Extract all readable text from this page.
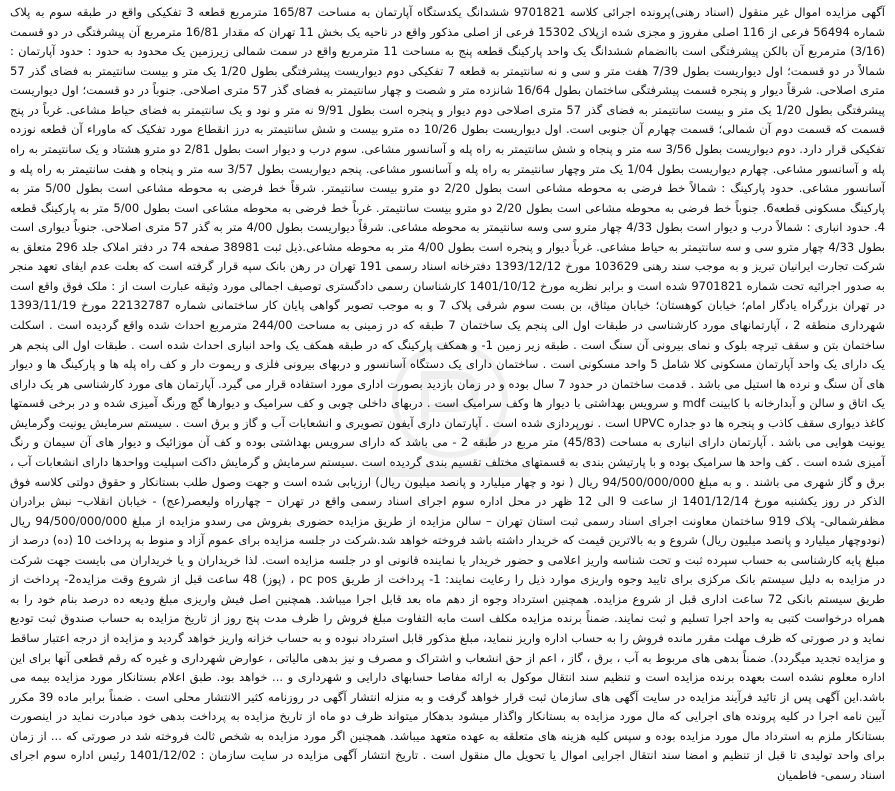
آگهی مزایده اموال غیر منقول (اسناد رهنی)پرونده اجرائی کلاسه 9701821 ششدانگ یکدستگاه آپارتمان به مساحت 165/87 مترمربع قطعه 3 تفکیکی واقع در طبقه سوم به پلاک شماره 56494 فرعی از 116 اصلی مفروز و مجزی شده ازپلاک 15302 فرعی از اصلی مذکور واقع در ناحیه یک بخش 11 تهران که مقدار 16/81 مترمربع آن پیشرفتگی در دو قسمت (3/16) مترمربع آن بالکن پیشرفتگی است باانضمام ششدانگ یک واحد پارکینگ قطعه پنج به مساحت 11 مترمربع واقع در سمت شمالی زیرزمین یک محدود به حدود : حدود آپارتمان : شمالاً در دو قسمت؛ اول دیواریست بطول 7/39 هفت متر و سی و نه سانتیمتر به قطعه 7 تفکیکی دوم دیواریست پیشرفتگی بطول 1/20 یک متر و بیست سانتیمتر به فضای گذر 57 متری اصلاحی. شرقاً دیوار و پنجره قسمت پیشرفتگی ساختمان بطول 16/64 شانزده متر و شصت و چهار سانتیمتر به فضای گذر 57 متری اصلاحی. جنوباً در دو قسمت؛ اول دیواریست پیشرفتگی بطول 1/20 یک متر و بیست سانتیمتر به فضای گذر 57 متری اصلاحی دوم دیوار و پنجره است بطول 9/91 نه متر و نود و یک سانتیمتر به فضای حیاط مشاعی. غرباً در پنج قسمت که قسمت دوم آن شمالی؛ قسمت چهارم آن جنوبی است. اول دیواریست بطول 10/26 ده مترو بیست و شش سانتیمتر به درز انقطاع مورد تفکیک که ماوراء آن قطعه نوزده تفکیکی قرار دارد. دوم دیواریست بطول 3/56 سه متر و پنجاه و شش سانتیمتر به راه پله و آسانسور مشاعی. سوم درب و دیوار است بطول 2/81 دو مترو هشتاد و یک سانتیمتر به راه پله و آسانسور مشاعی. چهارم دیواریست بطول 1/04 یک متر وچهار سانتیمتر به راه پله و آسانسور مشاعی. پنجم دیواریست بطول 3/57 سه متر و پنجاه و هفت سانتیمتر به راه پله و آسانسور مشاعی. حدود پارکینگ : شمالاً خط فرضی به محوطه مشاعی است بطول 2/20 دو مترو بیست سانتیمتر. شرقاً خط فرضی به محوطه مشاعی است بطول 5/00 متر به پارکینگ مسکونی قطعه6. جنوباً خط فرضی به محوطه مشاعی است بطول 2/20 دو مترو بیست سانتیمتر. غرباً خط فرضی به محوطه مشاعی است بطول 5/00 متر به پارکینگ قطعه 4. حدود انباری : شمالاً درب و دیوار است بطول 4/33 چهار مترو سی وسه سانتیمتر به محوطه مشاعی. شرقاً دیواریست بطول 4/00 متر به گذر 57 متری اصلاحی. جنوباً دیواری است بطول 4/33 چهار مترو سی و سه سانتیمتر به حیاط مشاعی. غرباً دیوار و پنجره است بطول 4/00 متر به محوطه مشاعی.ذیل ثبت 38981 صفحه 74 در دفتر املاک جلد 296 متعلق به شرکت تجارت ایرانیان تبریز و به موجب سند رهنی 103629 مورخ 1393/12/12 دفترخانه اسناد رسمی 191 تهران در رهن بانک سپه قرار گرفته است که بعلت عدم ایفای تعهد منجر به صدور اجرائیه تحت شماره 9701821 شده است و برابر نظریه مورخ 1401/10/12 کارشناسان رسمی دادگستری توصیف اجمالی مورد وثیقه عبارت است از : ملک فوق واقع است در تهران بزرگراه یادگار امام؛ خیابان کوهستان؛ خیابان میثاق، بن بست سوم شرقی پلاک 7 و به موجب تصویر گواهی پایان کار ساختمانی شماره 22132787 مورخ 1393/11/19 شهرداری منطقه 2 ، آپارتمانهای مورد کارشناسی در طبقات اول الی پنجم یک ساختمان 7 طبقه که در زمینی به مساحت 244/00 مترمربع احداث شده واقع گردیده است . اسکلت ساختمان بتن و سقف تیرچه بلوک و نمای بیرونی آن سنگ است . طبقه زیر زمین 1- و همکف پارکینگ که در طبقه همکف یک واحد انباری احداث شده است . طبقات اول الی پنجم هر یک دارای یک واحد آپارتمان مسکونی کلا شامل 5 واحد مسکونی است . ساختمان دارای یک دستگاه آسانسور و دربهای بیرونی فلزی و ریموت دار و کف راه پله ها و پارکینگ ها و دیوار های آن سنگ و نرده ها استیل می باشد . قدمت ساختمان در حدود 7 سال بوده و در زمان بازدید بصورت اداری مورد استفاده قرار می گیرد. آپارتمان های مورد کارشناسی هر یک دارای یک اتاق و سالن و آبدارخانه با کابینت mdf و سرویس بهداشتی با دیوار ها وکف سرامیک است . دربهای داخلی چوبی و کف سرامیک و دیوارها گچ ورنگ آمیزی شده و در برخی قسمتها کاغذ دیواری سقف کاذب و پنجره ها دو جداره UPVC است . نورپردازی شده است . آپارتمان داری آیفون تصویری و انشعابات آب و گاز و برق است . سیستم سرمایش یونیت وگرمایش یونیت هوایی می باشد . آپارتمان دارای انباری به مساحت (45/83) متر مربع در طبقه 2 - می باشد که دارای سرویس بهداشتی بوده و کف آن موزائیک و دیوار های آن سیمان و رنگ آمیزی شده است . کف واحد ها سرامیک بوده و با پارتیشن بندی به قسمتهای مختلف تقسیم بندی گردیده است .سیستم سرمایش و گرمایش داکت اسپلیت وواحدها دارای انشعابات آب ، برق و گاز شهری می باشند . و به مبلغ 94/500/000/000 ریال ( نود و چهار میلیارد و پانصد میلیون ریال) ارزیابی شده است و جهت وصول طلب بستانکار و حقوق دولتی کلاسه فوق الذکر در روز یکشنبه مورخ 1401/12/14 از ساعت 9 الی 12 ظهر در محل اداره سوم اجرای اسناد رسمی واقع در تهران – چهارراه ولیعصر(عج) - خیابان انقلاب– نبش برادران مظفرشمالی- پلاک 919 ساختمان معاونت اجرای اسناد رسمی ثبت استان تهران – سالن مزایده از طریق مزایده حضوری بفروش می رسدو مزایده از مبلغ 94/500/000/000 ریال (نودوچهار میلیارد و پانصد میلیون ریال) شروع و به بالاترین قیمت که خریدار داشته باشد فروخته خواهد شد.شرکت در جلسه مزایده برای عموم آزاد و منوط به پرداخت 10 (ده) درصد از مبلغ پایه کارشناسی به حساب سپرده ثبت و تحت شناسه واریز اعلامی و حضور خریدار یا نماینده قانونی او در جلسه مزایده است. لذا خریداران و یا خریداران می بایست جهت شرکت در مزایده به دلیل سیستم بانک مرکزی برای تایید وجوه واریزی موارد ذیل را رعایت نمایند: 1- پرداخت از طریق pc pos ، (پوز) 48 ساعت قبل از شروع وقت مزایده2- پرداخت از طریق سیستم بانکی 72 ساعت اداری قبل از شروع مزایده. همچنین استرداد وجوه از دهم ماه بعد قابل اجرا میباشد. همچنین اصل فیش واریزی مبلغ ودیعه ده درصد بنام خود را به همراه درخواست کتبی به واحد اجرا تسلیم و ثبت نمایند. ضمناً برنده مزایده مکلف است مابه التفاوت مبلغ فروش را ظرف مدت پنج روز از تاریخ مزایده به حساب صندوق ثبت تودیع نماید و در صورتی که ظرف مهلت مقرر مانده فروش را به حساب اداره واریز ننماید، مبلغ مذکور قابل استرداد نبوده و به حساب خزانه واریز خواهد گردید و مزایده از درجه اعتبار ساقط و مزایده تجدید میگردد). ضمناً بدهی های مربوط به آب ، برق ، گاز ، اعم از حق انشعاب و اشتراک و مصرف و نیز بدهی مالیاتی ، عوارض شهرداری و غیره که رقم قطعی آنها برای این اداره معلوم نشده است بعهده برنده مزایده است و تنظیم سند انتقال موکول به ارائه مفاصا حسابهای دارایی و شهرداری و ... خواهد بود. طبق اعلام بستانکار مورد مزایده بیمه می باشد.این آگهی پس از تائید فرآیند مزایده در سایت آگهی های سازمان ثبت قرار خواهد گرفت و به منزله انتشار آگهی در روزنامه کثیر الانتشار محلی است . ضمناً برابر ماده 39 مکرر آیین نامه اجرا در کلیه پرونده های اجرایی که مال مورد مزایده به بستانکار واگذار میشود بدهکار میتواند ظرف دو ماه از تاریخ مزایده به پرداخت بدهی خود مبادرت نماید در اینصورت بستانکار ملزم به استرداد مال مورد مزایده بوده و سپس کلیه هزینه های متعلقه به عهده متعهد میباشد. همچنین اگر مورد مزایده به شخص ثالث فروخته شد در صورتی که ... از زمان برای واحد تولیدی تا قبل از تنظیم و امضا سند انتقال اجرایی اموال یا تحویل مال منقول است . تاریخ انتشار آگهی مزایده در سایت سازمان : 1401/12/02 رئیس اداره سوم اجرای اسناد رسمی- فاطمیان
